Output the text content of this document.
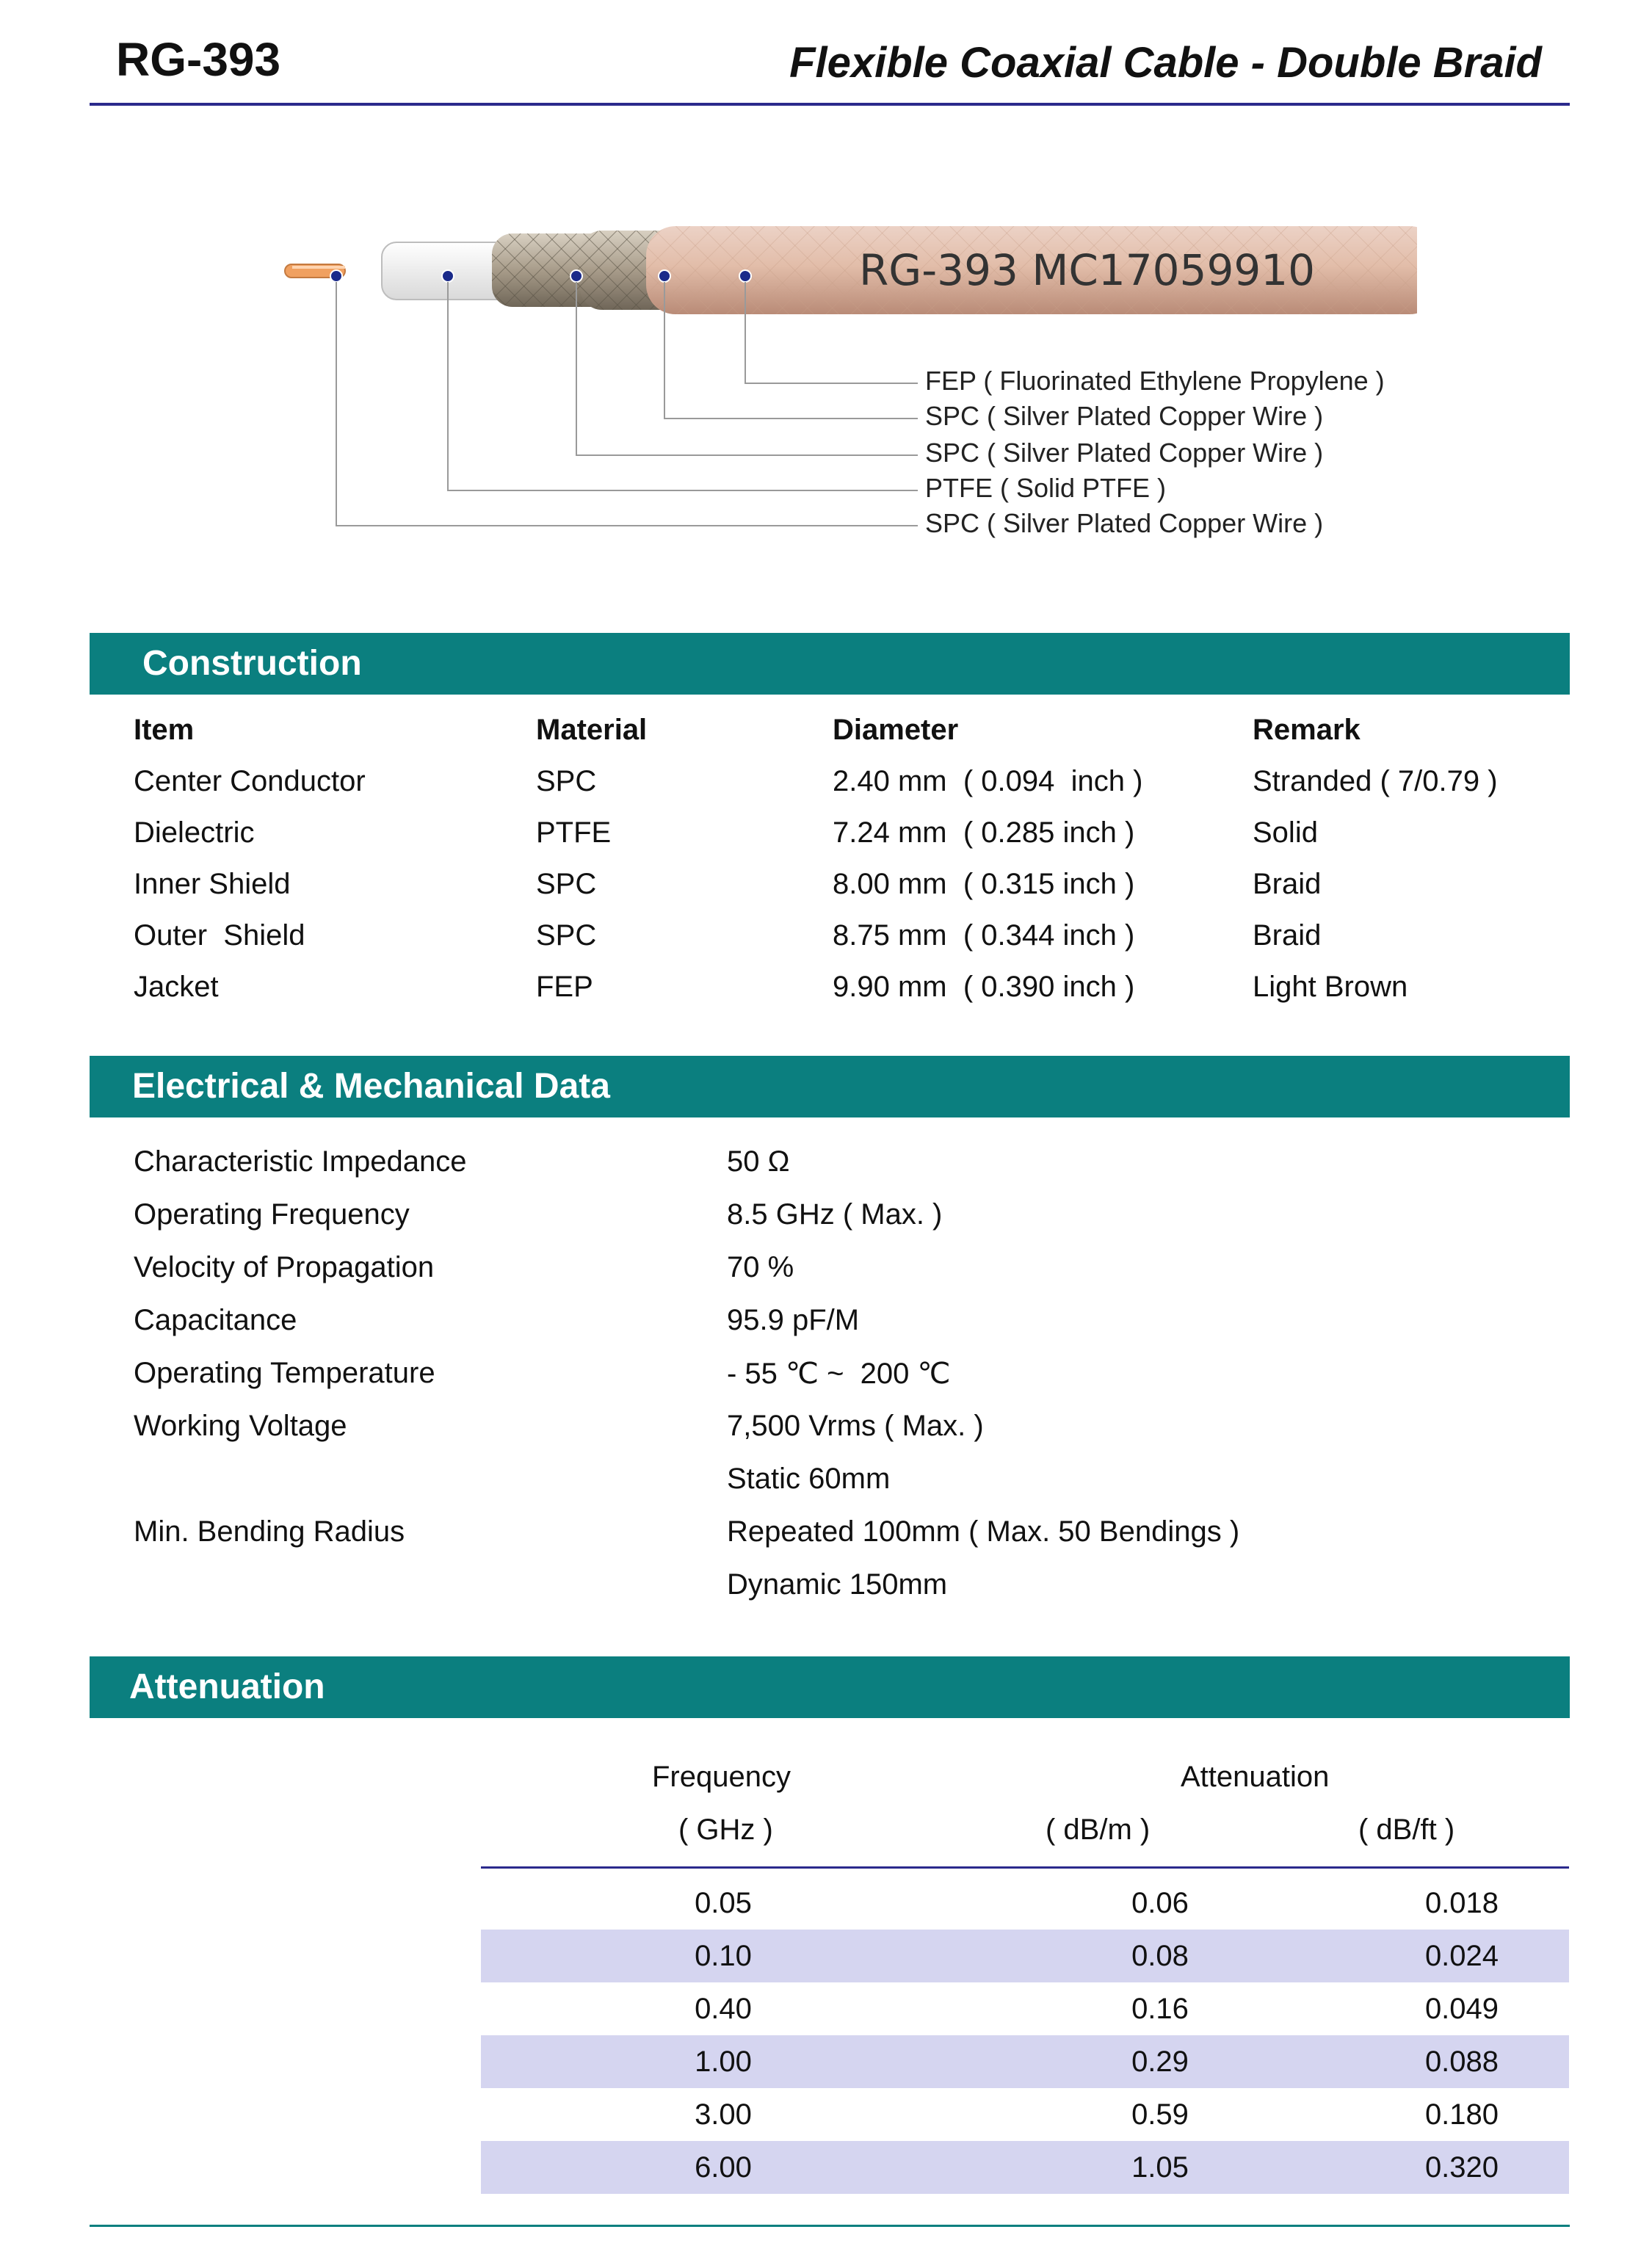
RG-393	Flexible Coaxial Cable - Double Braid
RG-393 MC17059910
FEP ( Fluorinated Ethylene Propylene )
SPC ( Silver Plated Copper Wire )
SPC ( Silver Plated Copper Wire )
PTFE ( Solid PTFE )
SPC ( Silver Plated Copper Wire )
Construction
Item	Material	Diameter	Remark
Center Conductor	SPC	2.40 mm  ( 0.094  inch )	Stranded ( 7/0.79 )
Dielectric	PTFE	7.24 mm  ( 0.285 inch )	Solid
Inner Shield	SPC	8.00 mm  ( 0.315 inch )	Braid
Outer  Shield	SPC	8.75 mm  ( 0.344 inch )	Braid
Jacket	FEP	9.90 mm  ( 0.390 inch )	Light Brown
Electrical & Mechanical Data
Characteristic Impedance	50 Ω
Operating Frequency	8.5 GHz ( Max. )
Velocity of Propagation	70 %
Capacitance	95.9 pF/M
Operating Temperature	- 55 ℃ ~  200 ℃
Working Voltage	7,500 Vrms ( Max. )
Static 60mm
Min. Bending Radius	Repeated 100mm ( Max. 50 Bendings )
Dynamic 150mm
Attenuation
Frequency	Attenuation
( GHz )	( dB/m )	( dB/ft )
0.05	0.06	0.018
0.10	0.08	0.024
0.40	0.16	0.049
1.00	0.29	0.088
3.00	0.59	0.180
6.00	1.05	0.320
